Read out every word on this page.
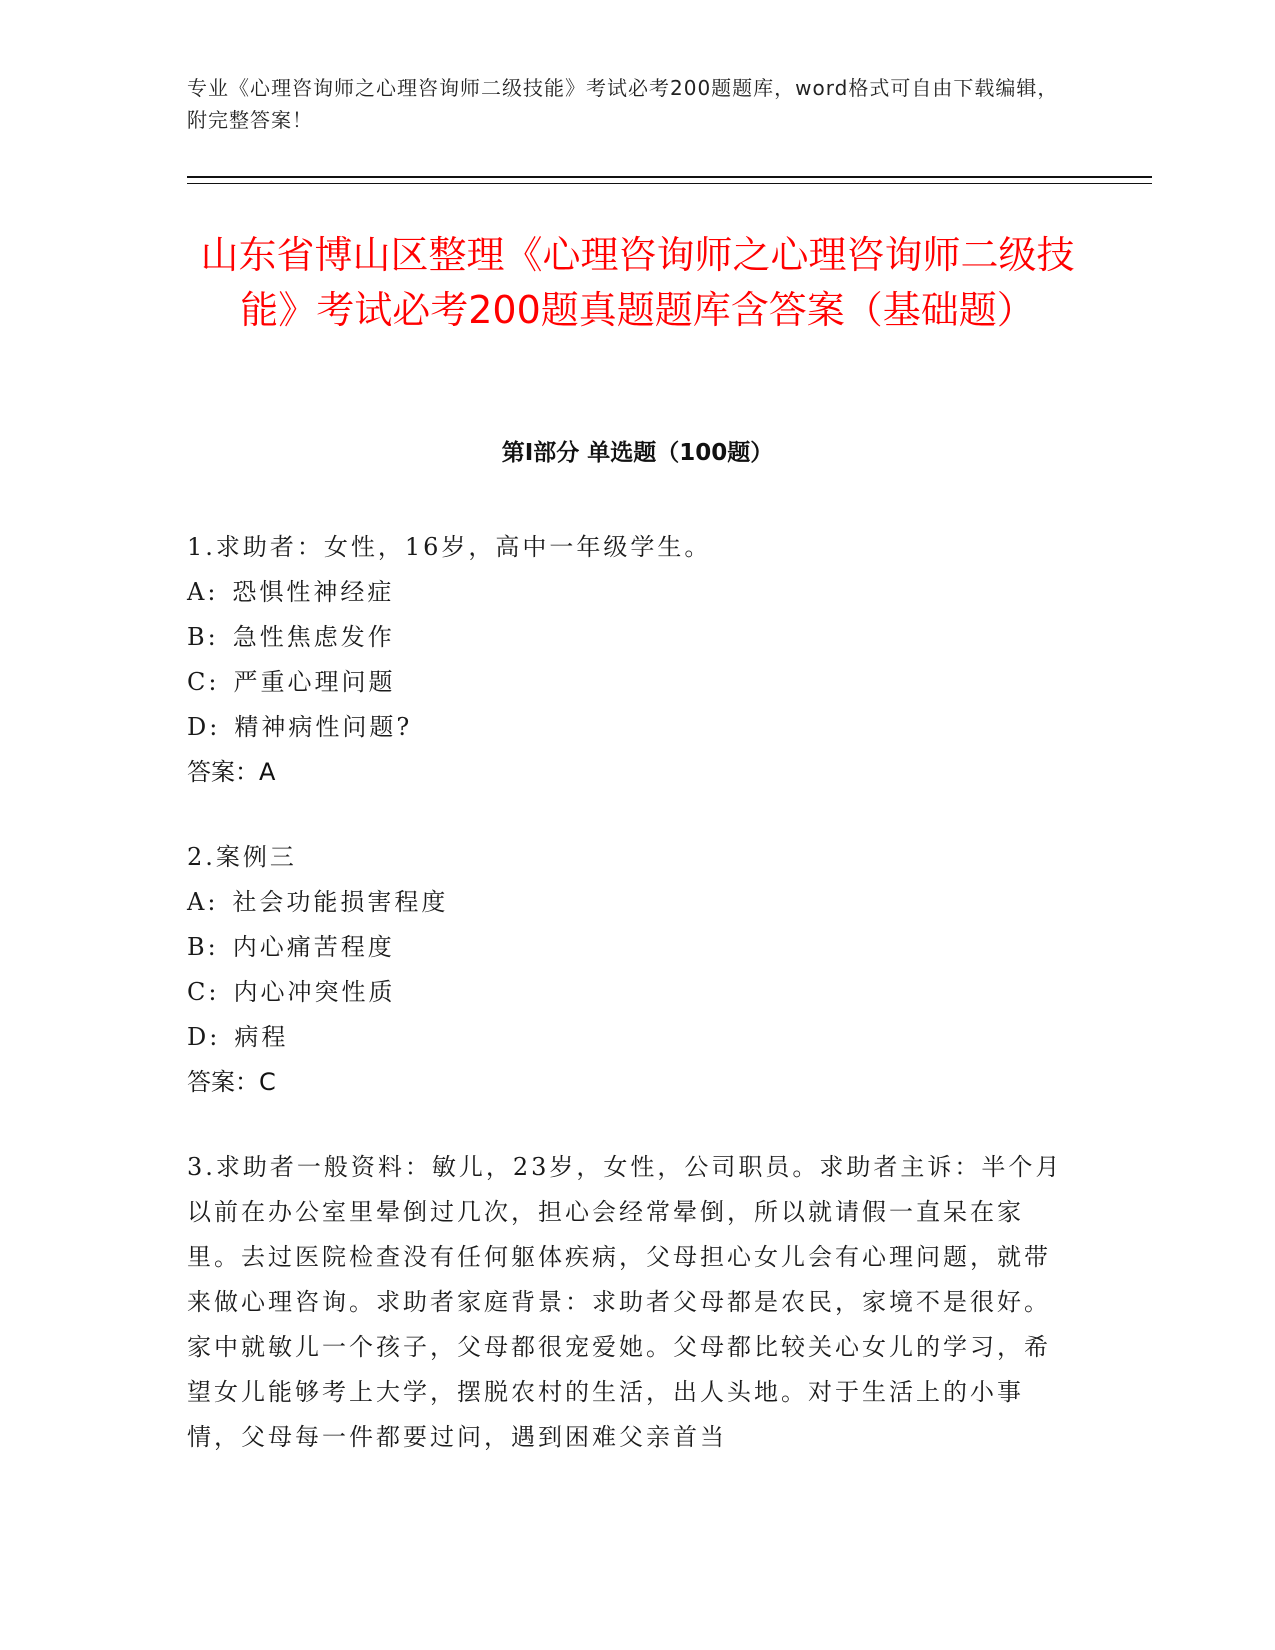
专业《心理咨询师之心理咨询师二级技能》考试必考200题题库，word格式可自由下载编辑，附完整答案！
山东省博山区整理《心理咨询师之心理咨询师二级技能》考试必考200题真题题库含答案（基础题）
第I部分 单选题（100题）
1.求助者：女性，16岁，高中一年级学生。
A: 恐惧性神经症
B: 急性焦虑发作
C: 严重心理问题
D: 精神病性问题?
答案：A
2.案例三
A: 社会功能损害程度
B: 内心痛苦程度
C: 内心冲突性质
D: 病程
答案：C
3.求助者一般资料：敏儿，23岁，女性，公司职员。求助者主诉：半个月以前在办公室里晕倒过几次，担心会经常晕倒，所以就请假一直呆在家里。去过医院检查没有任何躯体疾病，父母担心女儿会有心理问题，就带来做心理咨询。求助者家庭背景：求助者父母都是农民，家境不是很好。家中就敏儿一个孩子，父母都很宠爱她。父母都比较关心女儿的学习，希望女儿能够考上大学，摆脱农村的生活，出人头地。对于生活上的小事情，父母每一件都要过问，遇到困难父亲首当
